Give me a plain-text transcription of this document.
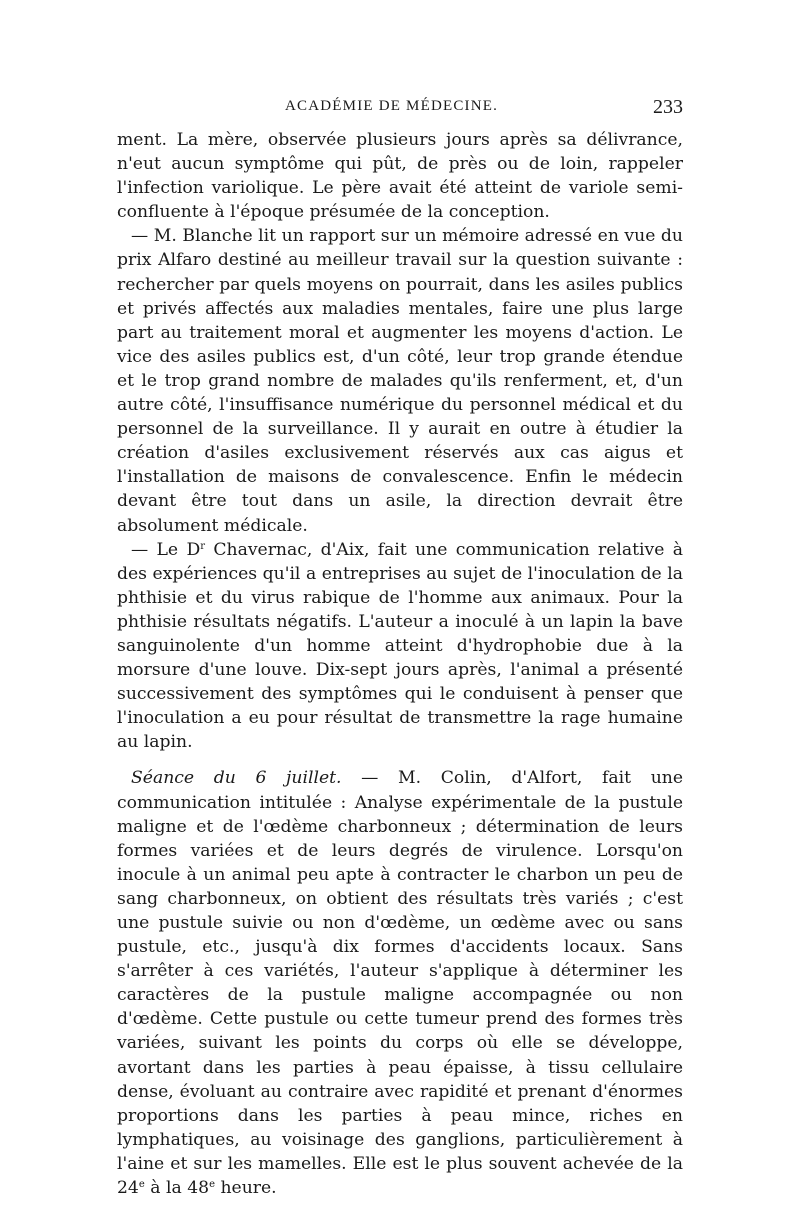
ACADÉMIE DE MÉDECINE.	233

ment. La mère, observée plusieurs jours après sa délivrance, n'eut aucun symptôme qui pût, de près ou de loin, rappeler l'infection variolique. Le père avait été atteint de variole semi-confluente à l'époque présumée de la conception.

— M. Blanche lit un rapport sur un mémoire adressé en vue du prix Alfaro destiné au meilleur travail sur la question suivante : rechercher par quels moyens on pourrait, dans les asiles publics et privés affectés aux maladies mentales, faire une plus large part au traitement moral et augmenter les moyens d'action. Le vice des asiles publics est, d'un côté, leur trop grande étendue et le trop grand nombre de malades qu'ils renferment, et, d'un autre côté, l'insuffisance numérique du personnel médical et du personnel de la surveillance. Il y aurait en outre à étudier la création d'asiles exclusivement réservés aux cas aigus et l'installation de maisons de convalescence. Enfin le médecin devant être tout dans un asile, la direction devrait être absolument médicale.

— Le $D^r$ Chavernac, d'Aix, fait une communication relative à des expériences qu'il a entreprises au sujet de l'inoculation de la phthisie et du virus rabique de l'homme aux animaux. Pour la phthisie résultats négatifs. L'auteur a inoculé à un lapin la bave sanguinolente d'un homme atteint d'hydrophobie due à la morsure d'une louve. Dix-sept jours après, l'animal a présenté successivement des symptômes qui le conduisent à penser que l'inoculation a eu pour résultat de transmettre la rage humaine au lapin.

Séance du 6 juillet. — M. Colin, d'Alfort, fait une communication intitulée : Analyse expérimentale de la pustule maligne et de l'œdème charbonneux ; détermination de leurs formes variées et de leurs degrés de virulence. Lorsqu'on inocule à un animal peu apte à contracter le charbon un peu de sang charbonneux, on obtient des résultats très variés ; c'est une pustule suivie ou non d'œdème, un œdème avec ou sans pustule, etc., jusqu'à dix formes d'accidents locaux. Sans s'arrêter à ces variétés, l'auteur s'applique à déterminer les caractères de la pustule maligne accompagnée ou non d'œdème. Cette pustule ou cette tumeur prend des formes très variées, suivant les points du corps où elle se développe, avortant dans les parties à peau épaisse, à tissu cellulaire dense, évoluant au contraire avec rapidité et prenant d'énormes proportions dans les parties à peau mince, riches en lymphatiques, au voisinage des ganglions, particulièrement à l'aine et sur les mamelles. Elle est le plus souvent achevée de la 24e à la 48e heure.
